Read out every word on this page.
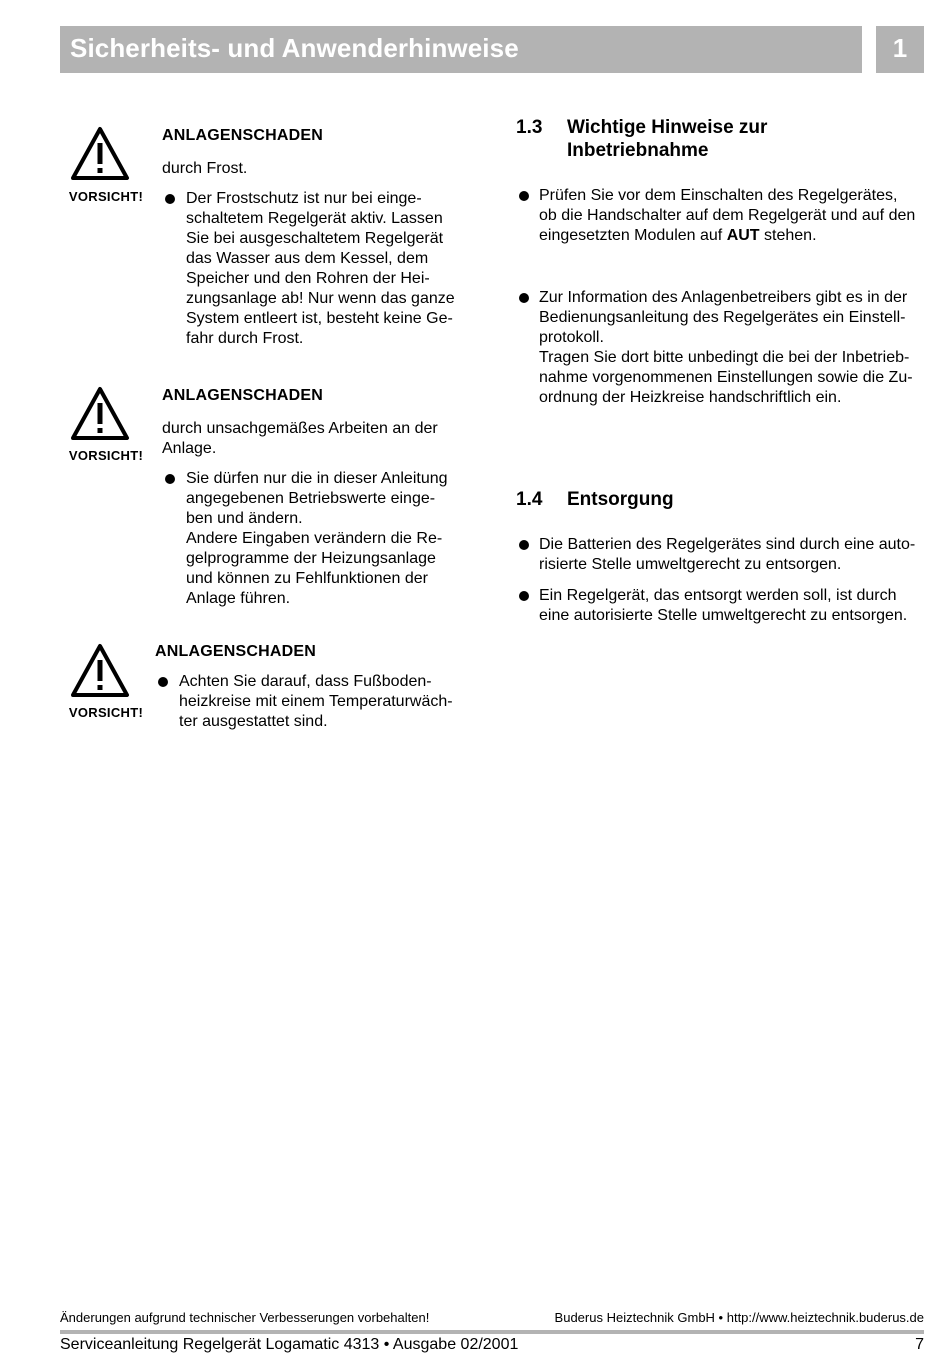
Sicherheits- und Anwenderhinweise	1
VORSICHT!
ANLAGENSCHADEN
durch Frost.
Der Frostschutz ist nur bei einge-
schaltetem Regelgerät aktiv. Lassen
Sie bei ausgeschaltetem Regelgerät
das Wasser aus dem Kessel, dem
Speicher und den Rohren der Hei-
zungsanlage ab! Nur wenn das ganze
System entleert ist, besteht keine Ge-
fahr durch Frost.
VORSICHT!
ANLAGENSCHADEN
durch unsachgemäßes Arbeiten an der
Anlage.
Sie dürfen nur die in dieser Anleitung
angegebenen Betriebswerte einge-
ben und ändern.
Andere Eingaben verändern die Re-
gelprogramme der Heizungsanlage
und können zu Fehlfunktionen der
Anlage führen.
VORSICHT!
ANLAGENSCHADEN
Achten Sie darauf, dass Fußboden-
heizkreise mit einem Temperaturwäch-
ter ausgestattet sind.
1.3 Wichtige Hinweise zur
Inbetriebnahme
Prüfen Sie vor dem Einschalten des Regelgerätes,
ob die Handschalter auf dem Regelgerät und auf den
eingesetzten Modulen auf AUT stehen.
Zur Information des Anlagenbetreibers gibt es in der
Bedienungsanleitung des Regelgerätes ein Einstell-
protokoll.
Tragen Sie dort bitte unbedingt die bei der Inbetrieb-
nahme vorgenommenen Einstellungen sowie die Zu-
ordnung der Heizkreise handschriftlich ein.
1.4 Entsorgung
Die Batterien des Regelgerätes sind durch eine auto-
risierte Stelle umweltgerecht zu entsorgen.
Ein Regelgerät, das entsorgt werden soll, ist durch
eine autorisierte Stelle umweltgerecht zu entsorgen.
Änderungen aufgrund technischer Verbesserungen vorbehalten!	Buderus Heiztechnik GmbH • http://www.heiztechnik.buderus.de
Serviceanleitung Regelgerät Logamatic 4313 • Ausgabe 02/2001	7
